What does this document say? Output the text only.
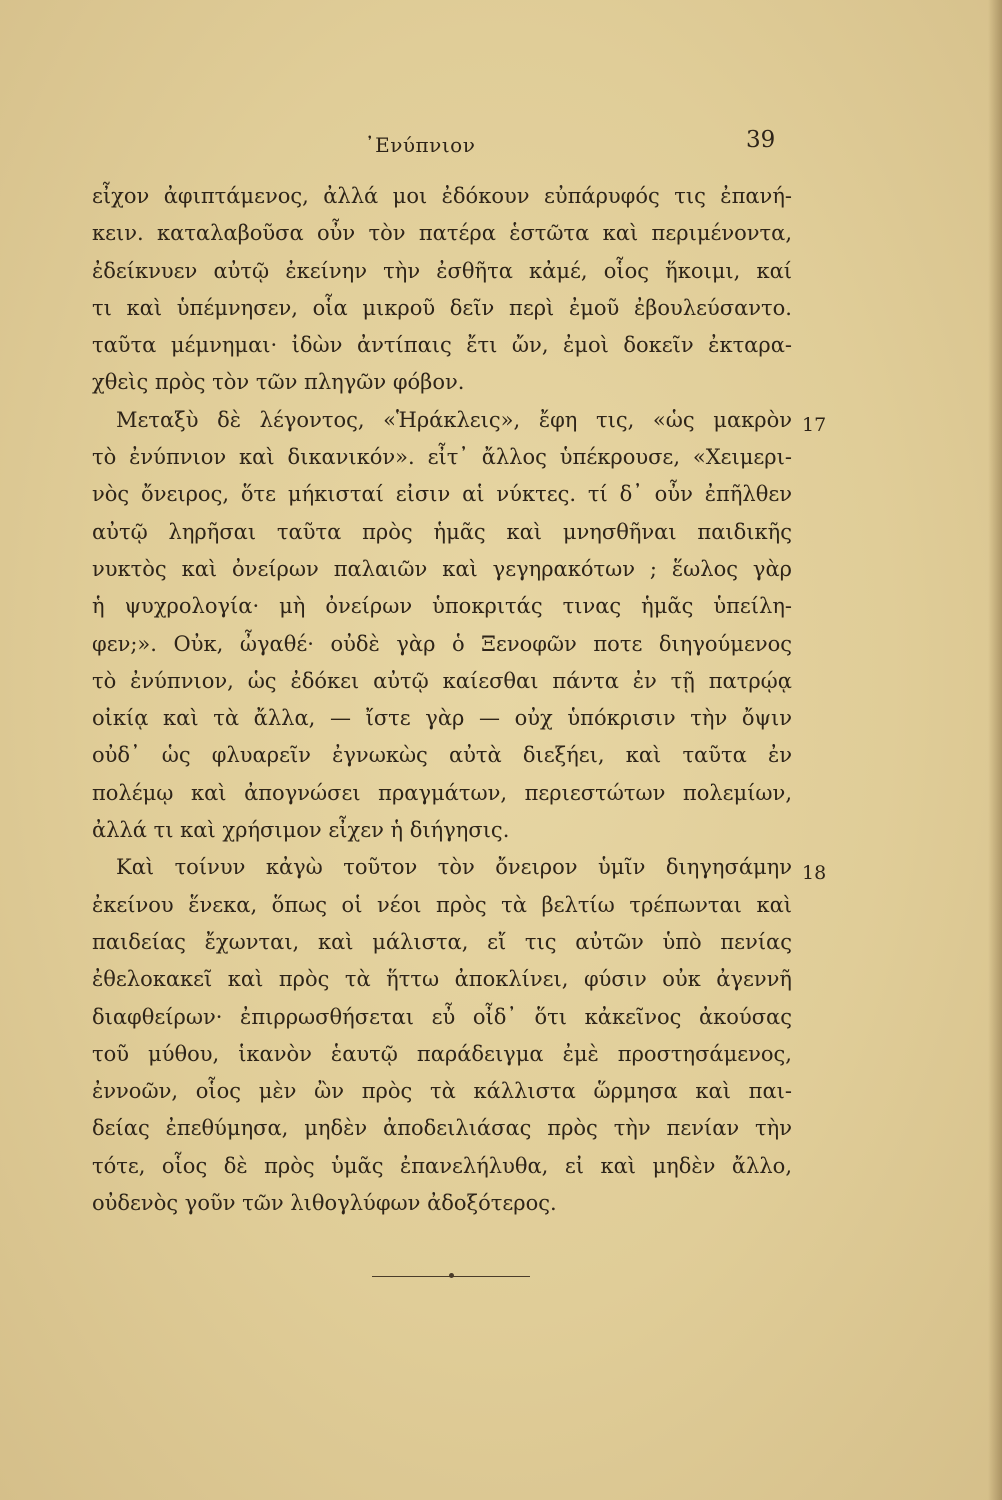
᾿Ενύπνιον	39
εἶχον ἀφιπτάμενος, ἀλλά μοι ἐδόκουν εὐπάρυφός τις ἐπανή-
κειν. καταλαβοῦσα οὖν τὸν πατέρα ἑστῶτα καὶ περιμένοντα,
ἐδείκνυεν αὐτῷ ἐκείνην τὴν ἐσθῆτα κἀμέ, οἷος ἥκοιμι, καί
τι καὶ ὑπέμνησεν, οἷα μικροῦ δεῖν περὶ ἐμοῦ ἐβουλεύσαντο.
ταῦτα μέμνημαι· ἰδὼν ἀντίπαις ἔτι ὤν, ἐμοὶ δοκεῖν ἐκταρα-
χθεὶς πρὸς τὸν τῶν πληγῶν φόβον.
Μεταξὺ δὲ λέγοντος, «Ἡράκλεις», ἔφη τις, «ὡς μακρὸν
τὸ ἐνύπνιον καὶ δικανικόν». εἶτ᾽ ἄλλος ὑπέκρουσε, «Χειμερι-
νὸς ὄνειρος, ὅτε μήκισταί εἰσιν αἱ νύκτες. τί δ᾽ οὖν ἐπῆλθεν
αὐτῷ ληρῆσαι ταῦτα πρὸς ἡμᾶς καὶ μνησθῆναι παιδικῆς
νυκτὸς καὶ ὀνείρων παλαιῶν καὶ γεγηρακότων ; ἕωλος γὰρ
ἡ ψυχρολογία· μὴ ὀνείρων ὑποκριτάς τινας ἡμᾶς ὑπείλη-
φεν;». Οὐκ, ὦγαθέ· οὐδὲ γὰρ ὁ Ξενοφῶν ποτε διηγούμενος
τὸ ἐνύπνιον, ὡς ἐδόκει αὐτῷ καίεσθαι πάντα ἐν τῇ πατρῴᾳ
οἰκίᾳ καὶ τὰ ἄλλα, — ἴστε γὰρ — οὐχ ὑπόκρισιν τὴν ὄψιν
οὐδ᾽ ὡς φλυαρεῖν ἐγνωκὼς αὐτὰ διεξήει, καὶ ταῦτα ἐν
πολέμῳ καὶ ἀπογνώσει πραγμάτων, περιεστώτων πολεμίων,
ἀλλά τι καὶ χρήσιμον εἶχεν ἡ διήγησις.
Καὶ τοίνυν κἀγὼ τοῦτον τὸν ὄνειρον ὑμῖν διηγησάμην
ἐκείνου ἕνεκα, ὅπως οἱ νέοι πρὸς τὰ βελτίω τρέπωνται καὶ
παιδείας ἔχωνται, καὶ μάλιστα, εἴ τις αὐτῶν ὑπὸ πενίας
ἐθελοκακεῖ καὶ πρὸς τὰ ἥττω ἀποκλίνει, φύσιν οὐκ ἀγεννῆ
διαφθείρων· ἐπιρρωσθήσεται εὖ οἶδ᾽ ὅτι κἀκεῖνος ἀκούσας
τοῦ μύθου, ἱκανὸν ἑαυτῷ παράδειγμα ἐμὲ προστησάμενος,
ἐννοῶν, οἷος μὲν ὢν πρὸς τὰ κάλλιστα ὥρμησα καὶ παι-
δείας ἐπεθύμησα, μηδὲν ἀποδειλιάσας πρὸς τὴν πενίαν τὴν
τότε, οἷος δὲ πρὸς ὑμᾶς ἐπανελήλυθα, εἰ καὶ μηδὲν ἄλλο,
οὐδενὸς γοῦν τῶν λιθογλύφων ἀδοξότερος.
17
18
